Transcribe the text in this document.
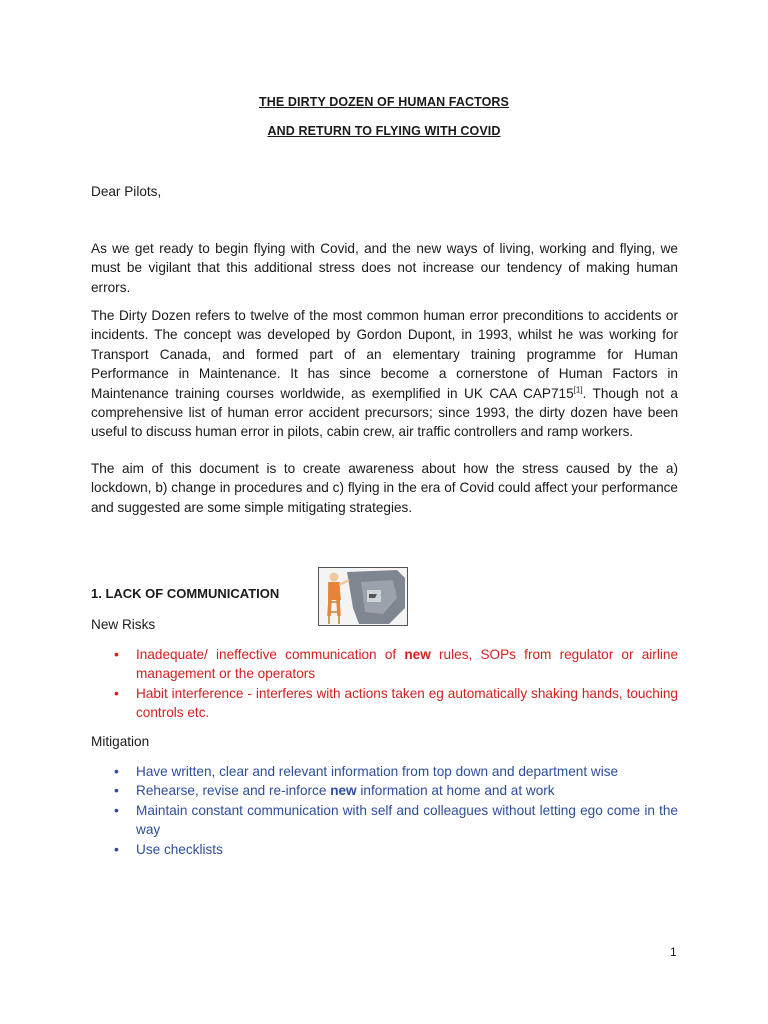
THE DIRTY DOZEN OF HUMAN FACTORS
AND RETURN TO FLYING WITH COVID
Dear Pilots,
As we get ready to begin flying with Covid, and the new ways of living, working and flying, we must be vigilant that this additional stress does not increase our tendency of making human errors.
The Dirty Dozen refers to twelve of the most common human error preconditions to accidents or incidents. The concept was developed by Gordon Dupont, in 1993, whilst he was working for Transport Canada, and formed part of an elementary training programme for Human Performance in Maintenance. It has since become a cornerstone of Human Factors in Maintenance training courses worldwide, as exemplified in UK CAA CAP715[1]. Though not a comprehensive list of human error accident precursors; since 1993, the dirty dozen have been useful to discuss human error in pilots, cabin crew, air traffic controllers and ramp workers.
The aim of this document is to create awareness about how the stress caused by the a) lockdown, b) change in procedures and c) flying in the era of Covid could affect your performance and suggested are some simple mitigating strategies.
1. LACK OF COMMUNICATION
New Risks
• Inadequate/ ineffective communication of new rules, SOPs from regulator or airline management or the operators
• Habit interference - interferes with actions taken eg automatically shaking hands, touching controls etc.
Mitigation
• Have written, clear and relevant information from top down and department wise
• Rehearse, revise and re-inforce new information at home and at work
• Maintain constant communication with self and colleagues without letting ego come in the way
• Use checklists
1
